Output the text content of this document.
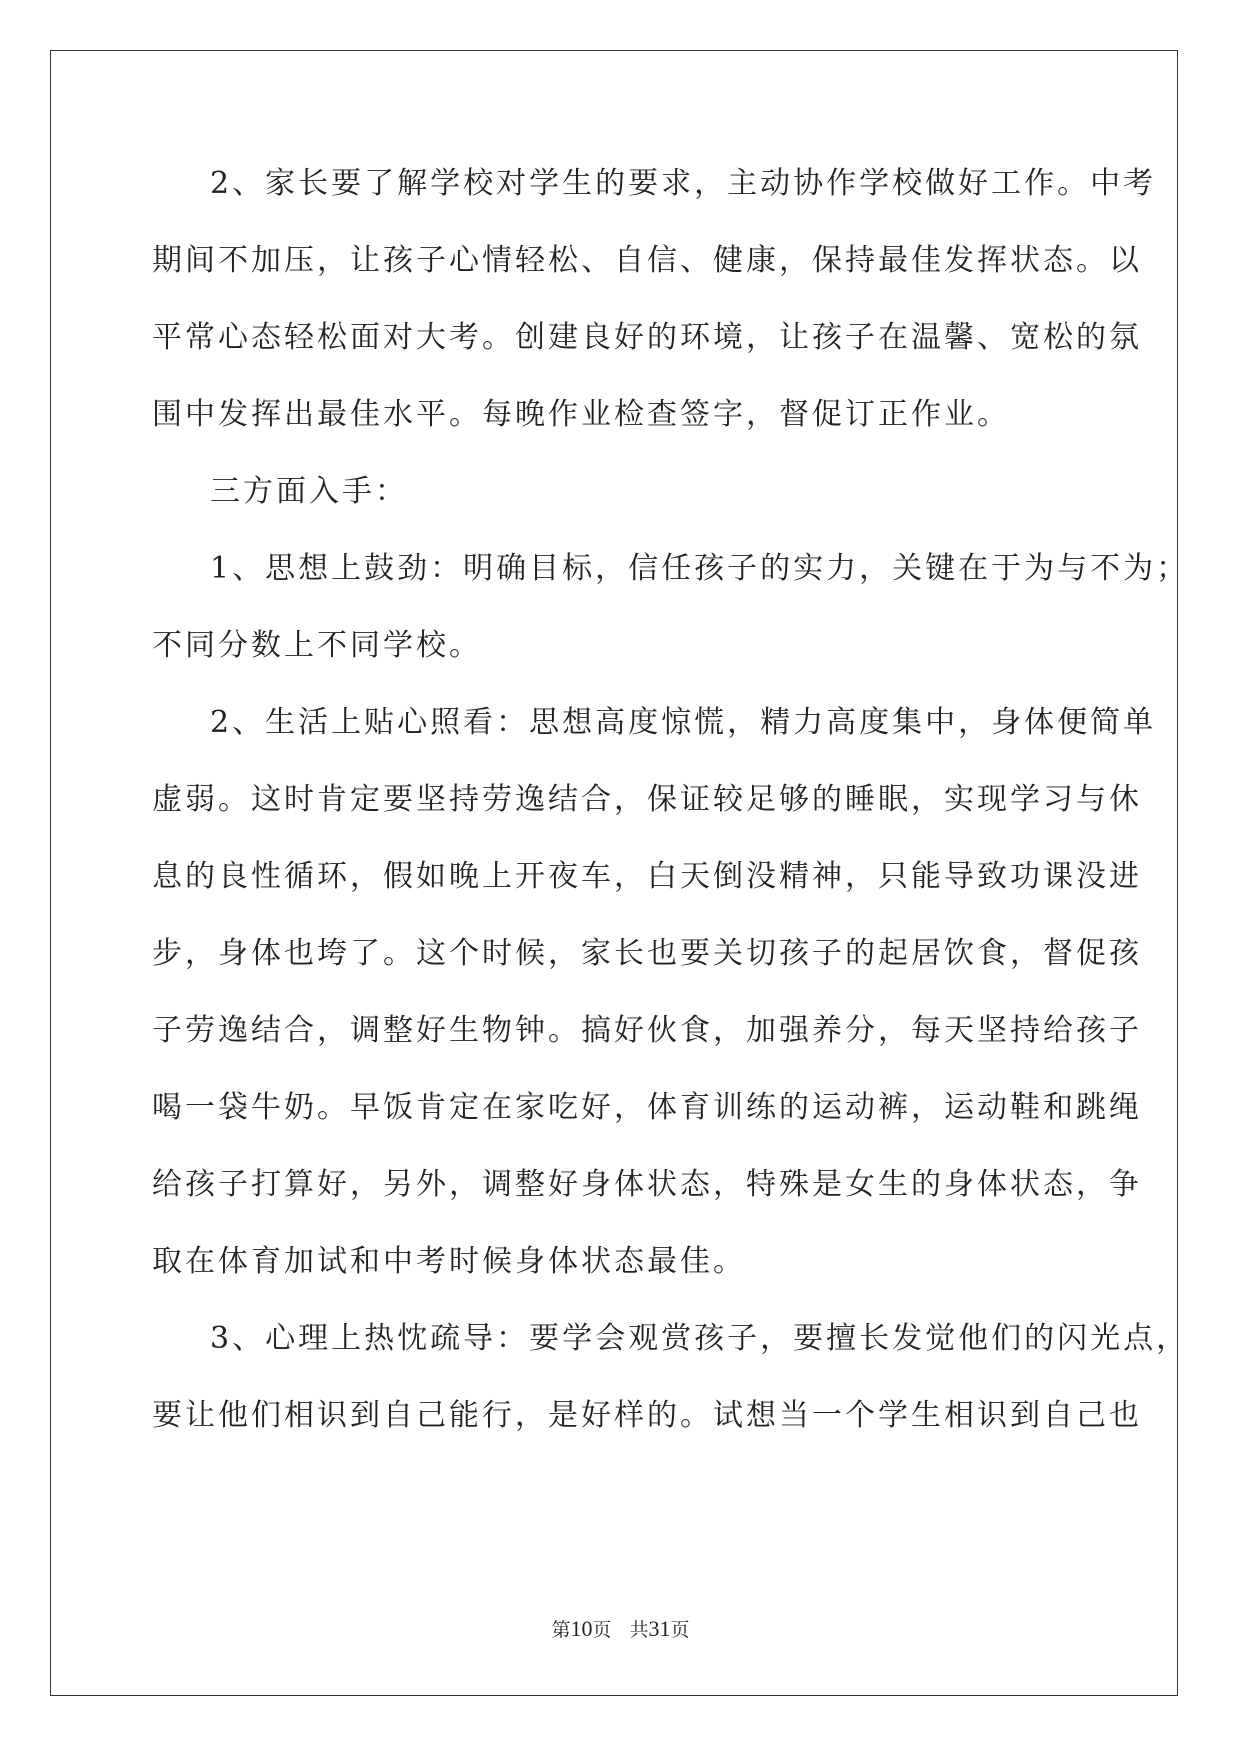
2、家长要了解学校对学生的要求，主动协作学校做好工作。中考
期间不加压，让孩子心情轻松、自信、健康，保持最佳发挥状态。以
平常心态轻松面对大考。创建良好的环境，让孩子在温馨、宽松的氛
围中发挥出最佳水平。每晚作业检查签字，督促订正作业。
三方面入手：
1、思想上鼓劲：明确目标，信任孩子的实力，关键在于为与不为；
不同分数上不同学校。
2、生活上贴心照看：思想高度惊慌，精力高度集中，身体便简单
虚弱。这时肯定要坚持劳逸结合，保证较足够的睡眠，实现学习与休
息的良性循环，假如晚上开夜车，白天倒没精神，只能导致功课没进
步，身体也垮了。这个时候，家长也要关切孩子的起居饮食，督促孩
子劳逸结合，调整好生物钟。搞好伙食，加强养分，每天坚持给孩子
喝一袋牛奶。早饭肯定在家吃好，体育训练的运动裤，运动鞋和跳绳
给孩子打算好，另外，调整好身体状态，特殊是女生的身体状态，争
取在体育加试和中考时候身体状态最佳。
3、心理上热忱疏导：要学会观赏孩子，要擅长发觉他们的闪光点，
要让他们相识到自己能行，是好样的。试想当一个学生相识到自己也
第10页 共31页
